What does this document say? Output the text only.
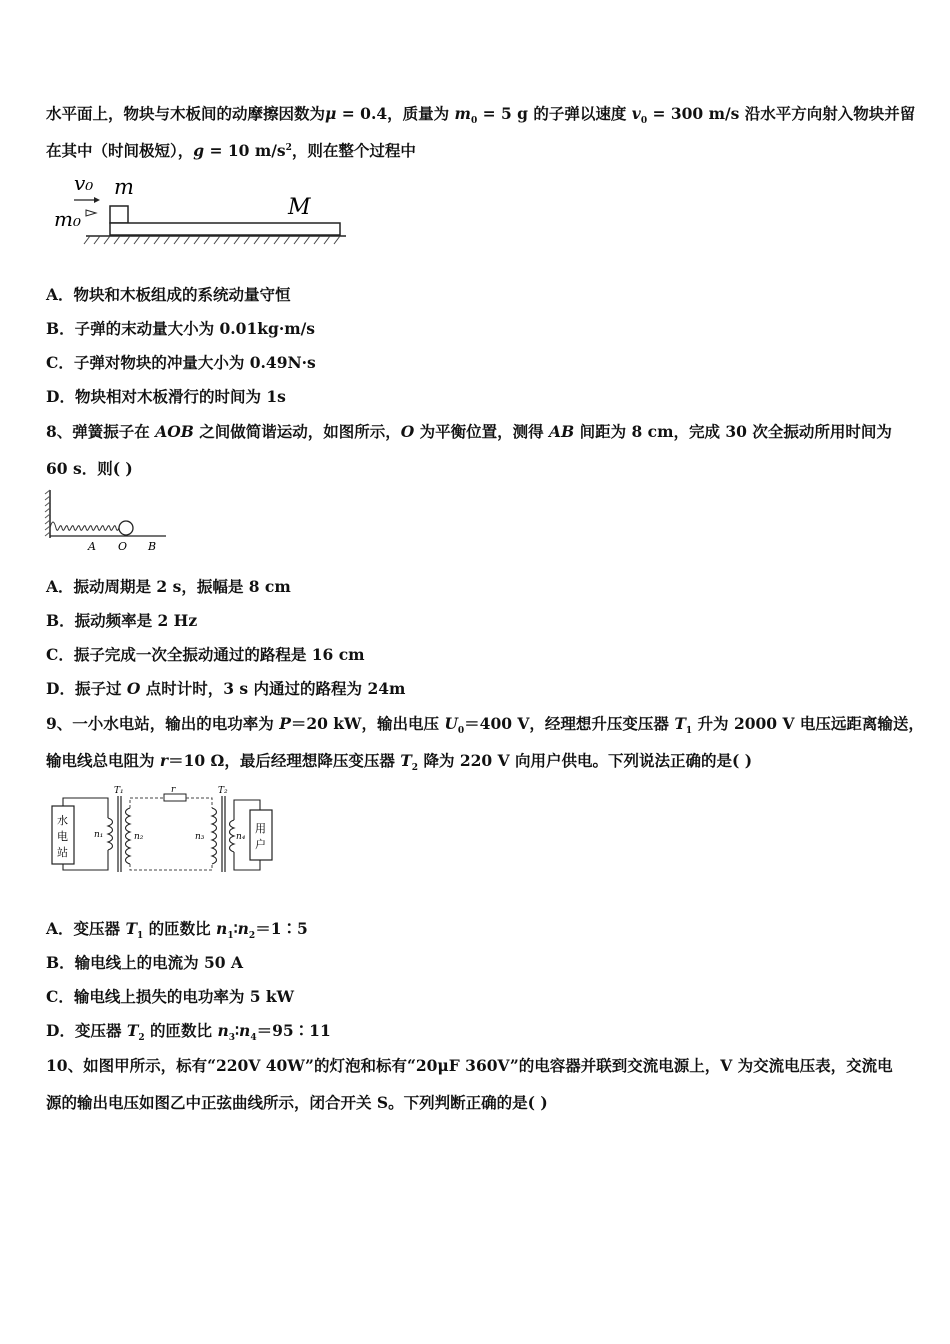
水平面上，物块与木板间的动摩擦因数为μ = 0.4，质量为 $m_0 = 5$ g 的子弹以速度 $v_0 = 300$ m/s 沿水平方向射入物块并留
在其中（时间极短），g = 10 $m/s^2$，则在整个过程中
v₀ m
m₀	M
A．物块和木板组成的系统动量守恒
B．子弹的末动量大小为 0.01kg·m/s
C．子弹对物块的冲量大小为 0.49N·s
D．物块相对木板滑行的时间为 1s
8、弹簧振子在 AOB 之间做简谐运动，如图所示，O 为平衡位置，测得 AB 间距为 8 cm，完成 30 次全振动所用时间为
60 s．则( )
A O B
A．振动周期是 2 s，振幅是 8 cm
B．振动频率是 2 Hz
C．振子完成一次全振动通过的路程是 16 cm
D．振子过 O 点时计时，3 s 内通过的路程为 24m
9、一小水电站，输出的电功率为 P＝20 kW，输出电压 $U_0=400$ V，经理想升压变压器 $T_1$ 升为 2000 V 电压远距离输送，
输电线总电阻为 r＝10 Ω，最后经理想降压变压器 $T_2$ 降为 220 V 向用户供电。下列说法正确的是( )
水
电
站
n₁
T₁
n₂
r
n₃
T₂
n₄
用
户
A．变压器 $T_1$ 的匝数比 $n_1∶n_2=1∶5$
B．输电线上的电流为 50 A
C．输电线上损失的电功率为 5 kW
D．变压器 $T_2$ 的匝数比 $n_3∶n_4=95∶11$
10、如图甲所示，标有“220V 40W”的灯泡和标有“20μF 360V”的电容器并联到交流电源上，V 为交流电压表，交流电
源的输出电压如图乙中正弦曲线所示，闭合开关 S。下列判断正确的是( )
